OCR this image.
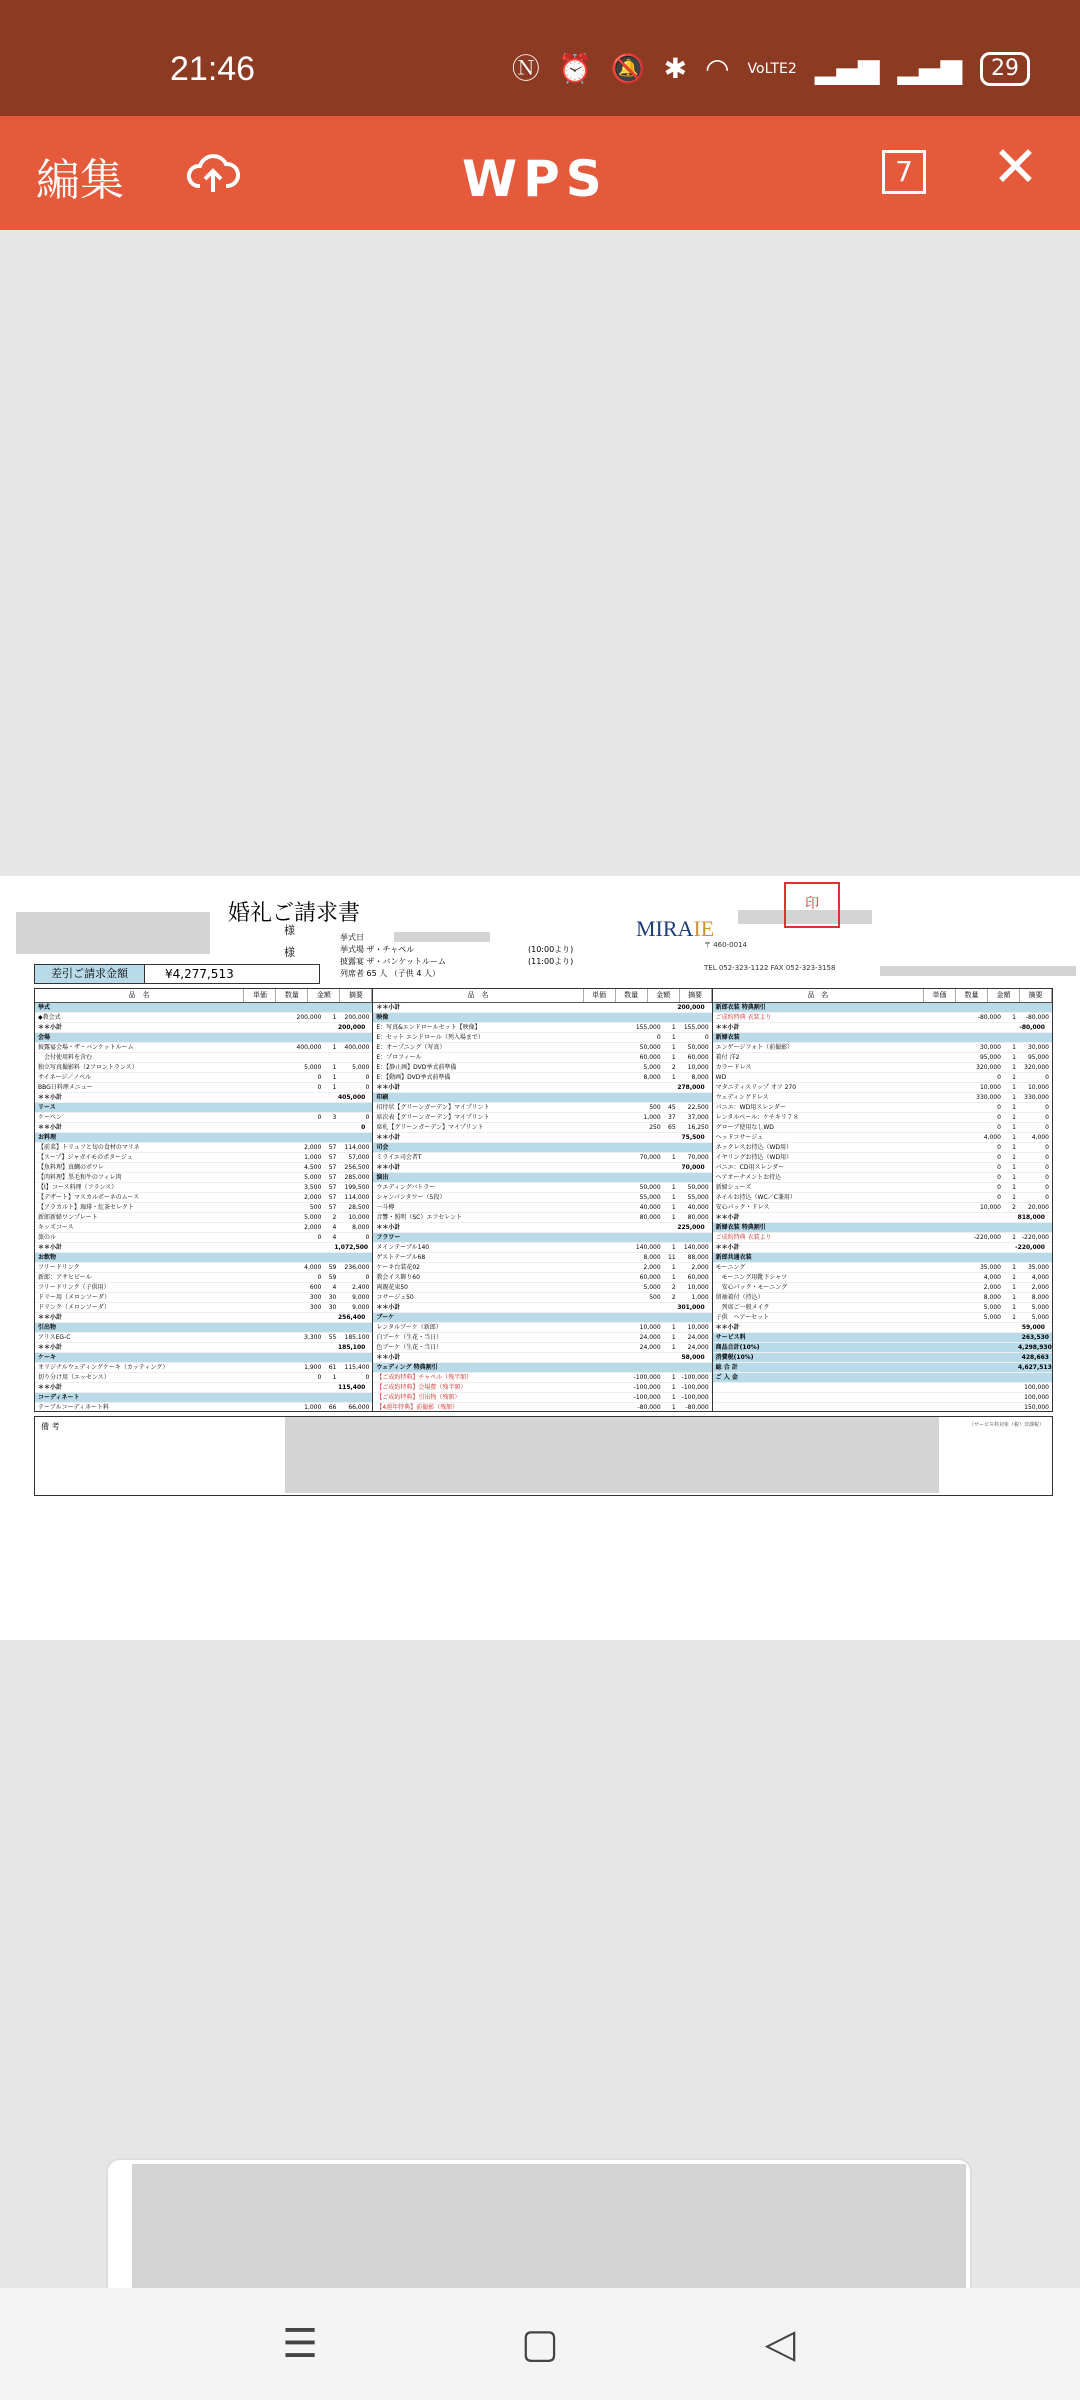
21:46	Ⓝ ⏰ 🔕 ✱ ◠ VoLTE2 ▂▄▆ ▂▄▆	29
編集	WPS	7 ✕
婚礼ご請求書
様
様
挙式日
挙式場 ザ・チャペル
披露宴 ザ・バンケットルーム
列席者 65 人 （子供 4 人）
(10:00より)
(11:00より)
MIRAIE
〒 460-0014
TEL 052-323-1122 FAX 052-323-3158
印
差引ご請求金額	¥4,277,513
品　名	単価	数量	金額	摘要
挙式
◆教会式	200,000	1	200,000
＊＊小計	200,000
会場
披露宴会場・ザ・バンケットルーム	400,000	1	400,000
　会付使用料を含む
独立写真撮影料（2フロントランス）	5,000	1	5,000
サイネージ／ノベル	0	1	0
BBG日料理メニュー	0	1	0
＊＊小計	405,000
リース
ケーベン	0	3	0
＊＊小計	0
お料理
【前菜】トリュフと旬の食材のマリネ	2,000	57	114,000
【スープ】ジャガイモのポタージュ	1,000	57	57,000
【魚料理】真鯛のポワレ	4,500	57	256,500
【肉料理】黒毛和牛のフィレ肉	5,000	57	285,000
【Ⅰ】コース料理（フランス）	3,500	57	199,500
【デザート】マスカルポーネのムース	2,000	57	114,000
【アラカルト】珈琲・紅茶セレクト	500	57	28,500
新郎新婦ワンプレート	5,000	2	10,000
キッズコース	2,000	4	8,000
旅のル	0	4	0
＊＊小計	1,072,500
お飲物
フリードリンク	4,000	59	236,000
新郎：アサヒビール	0	59	0
フリードリンク（子供用）	600	4	2,400
ドリー用（メロンソーダ）	300	30	9,000
ドリンク（メロンソーダ）	300	30	9,000
＊＊小計	256,400
引出物
アリスEG-C	3,300	55	185,100
＊＊小計	185,100
ケーキ
オリジナルウェディングケーキ（カッティング）	1,900	61	115,400
切り分け用（エッセンス）	0	1	0
＊＊小計	115,400
コーディネート
テーブルコーディネート料	1,000	66	66,000
品　名	単価	数量	金額	摘要
＊＊小計	200,000
映像
E：写真&エンドロールセット【映像】	155,000	1	155,000
E：セット エンドロール（列入場まで）	0	1	0
E：オープニング（写真）	50,000	1	50,000
E：プロフィール	60,000	1	60,000
E：【静止画】DVD挙式前準備	5,000	2	10,000
E：【動画】DVD挙式前準備	8,000	1	8,000
＊＊小計	278,000
印刷
招待状【グリーンガーデン】マイプリント	500	45	22,500
席次表【グリーンガーデン】マイプリント	1,000	37	37,000
席札【グリーンガーデン】マイプリント	250	65	16,250
＊＊小計	75,500
司会
ミライエ司会者T	70,000	1	70,000
＊＊小計	70,000
演出
ウエディングバトラー	50,000	1	50,000
シャンパンタワー（5段）	55,000	1	55,000
一斗樽	40,000	1	40,000
音響・照明（SC）エフセレント	80,000	1	80,000
＊＊小計	225,000
フラワー
メインテーブル140	140,000	1	140,000
ゲストテーブル68	8,000	11	88,000
ケーキ台装花02	2,000	1	2,000
教会イス飾り60	60,000	1	60,000
両親花束50	5,000	2	10,000
コサージュ50	500	2	1,000
＊＊小計	301,000
ブーケ
レンタルブーケ（新郎）	10,000	1	10,000
白ブーケ（生花・当日）	24,000	1	24,000
色ブーケ（生花・当日）	24,000	1	24,000
＊＊小計	58,000
ウェディング 特典割引
【ご成約特典】チャペル（残半額）	-100,000	1	-100,000
【ご成約特典】会場費（残半額）	-100,000	1	-100,000
【ご成約特典】引出物（残額）	-100,000	1	-100,000
【4週年特典】前撮影（残額）	-80,000	1	-80,000
品　名	単価	数量	金額	摘要
新郎衣装 特典割引
ご成約特典 衣装より	-80,000	1	-80,000
＊＊小計	-80,000
新婦衣装
エンゲージフォト（前撮影）	30,000	1	30,000
着付 洋2	95,000	1	95,000
カラードレス	320,000	1	320,000
WD	0	1	0
マタニティスリップ オフ 270	10,000	1	10,000
ウェディングドレス	330,000	1	330,000
パニエ：WD用スレンダー	0	1	0
レンタルベール：ケチキリ７８	0	1	0
グローブ使用なしWD	0	1	0
ヘッドコサージュ	4,000	1	4,000
ネックレスお持込（WD用）	0	1	0
イヤリングお持込（WD用）	0	1	0
パニエ：CD用スレンダー	0	1	0
ヘアオーナメントお持込	0	1	0
新婦シューズ	0	1	0
ネイルお持込（WC／C兼用）	0	1	0
安心パック・ドレス	10,000	2	20,000
＊＊小計	818,000
新婦衣装 特典割引
ご成約特典 衣装より	-220,000	1	-220,000
＊＊小計	-220,000
新郎共通衣装
モーニング	35,000	1	35,000
　モーニング用靴下シャツ	4,000	1	4,000
　安心パック・モーニング	2,000	1	2,000
留袖着付（持込）	8,000	1	8,000
　列席ご一般メイク	5,000	1	5,000
子供　ヘアーセット	5,000	1	5,000
＊＊小計	59,000
サービス料	263,530
商品合計(10%)	4,298,930
消費税(10%)	428,663
総 合 計	4,627,513
ご 入 金
100,000
100,000
150,000
備 考	（サービス料対象（税）非課税）
☰	▢	◁
